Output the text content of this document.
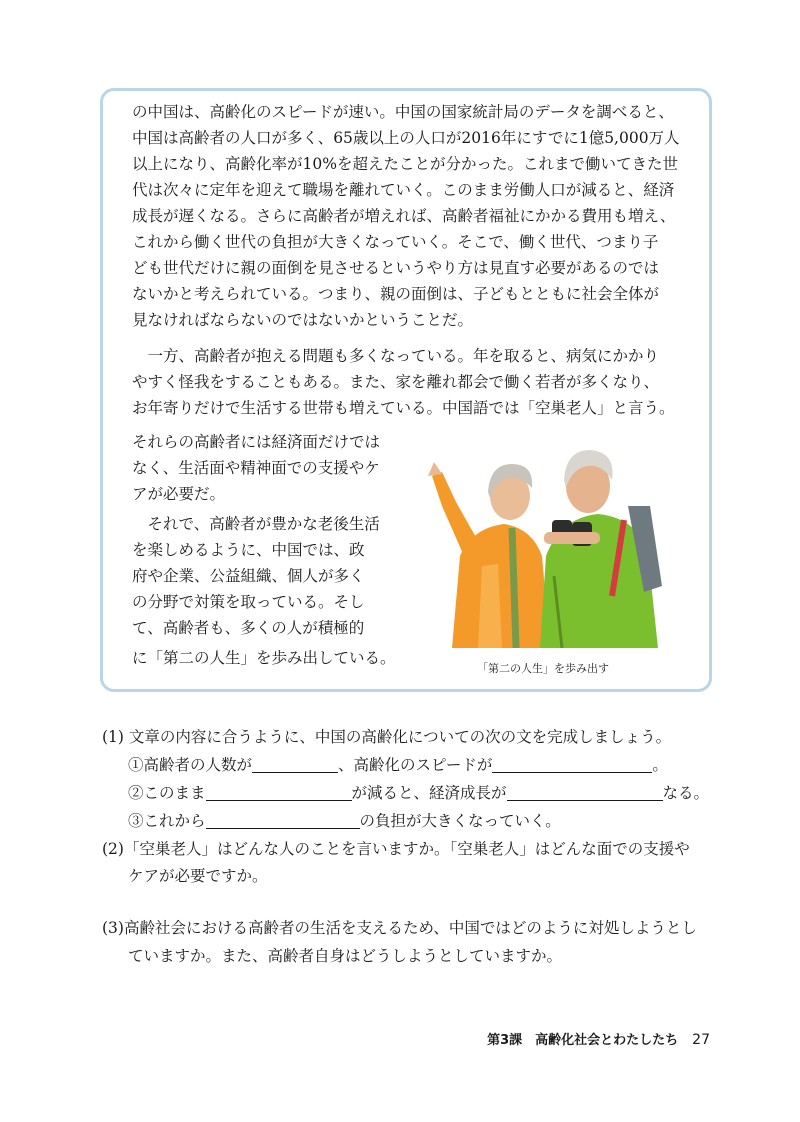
の中国は、高齢化のスピードが速い。中国の国家統計局のデータを調べると、
中国は高齢者の人口が多く、65歳以上の人口が2016年にすでに1億5,000万人
以上になり、高齢化率が10%を超えたことが分かった。これまで働いてきた世
代は次々に定年を迎えて職場を離れていく。このまま労働人口が減ると、経済
成長が遅くなる。さらに高齢者が増えれば、高齢者福祉にかかる費用も増え、
これから働く世代の負担が大きくなっていく。そこで、働く世代、つまり子
ども世代だけに親の面倒を見させるというやり方は見直す必要があるのでは
ないかと考えられている。つまり、親の面倒は、子どもとともに社会全体が
見なければならないのではないかということだ。
　一方、高齢者が抱える問題も多くなっている。年を取ると、病気にかかり
やすく怪我をすることもある。また、家を離れ都会で働く若者が多くなり、
お年寄りだけで生活する世帯も増えている。中国語では「空巣老人」と言う。
それらの高齢者には経済面だけでは
なく、生活面や精神面での支援やケ
アが必要だ。
　それで、高齢者が豊かな老後生活
を楽しめるように、中国では、政
府や企業、公益組織、個人が多く
の分野で対策を取っている。そし
て、高齢者も、多くの人が積極的
に「第二の人生」を歩み出している。
「第二の人生」を歩み出す
(1) 文章の内容に合うように、中国の高齢化についての次の文を完成しましょう。
①高齢者の人数が	、高齢化のスピードが	。
②このまま	が減ると、経済成長が	なる。
③これから	の負担が大きくなっていく。
(2)「空巣老人」はどんな人のことを言いますか。「空巣老人」はどんな面での支援や
ケアが必要ですか。
(3)高齢社会における高齢者の生活を支えるため、中国ではどのように対処しようとし
ていますか。また、高齢者自身はどうしようとしていますか。
第3課　高齢化社会とわたしたち 27
